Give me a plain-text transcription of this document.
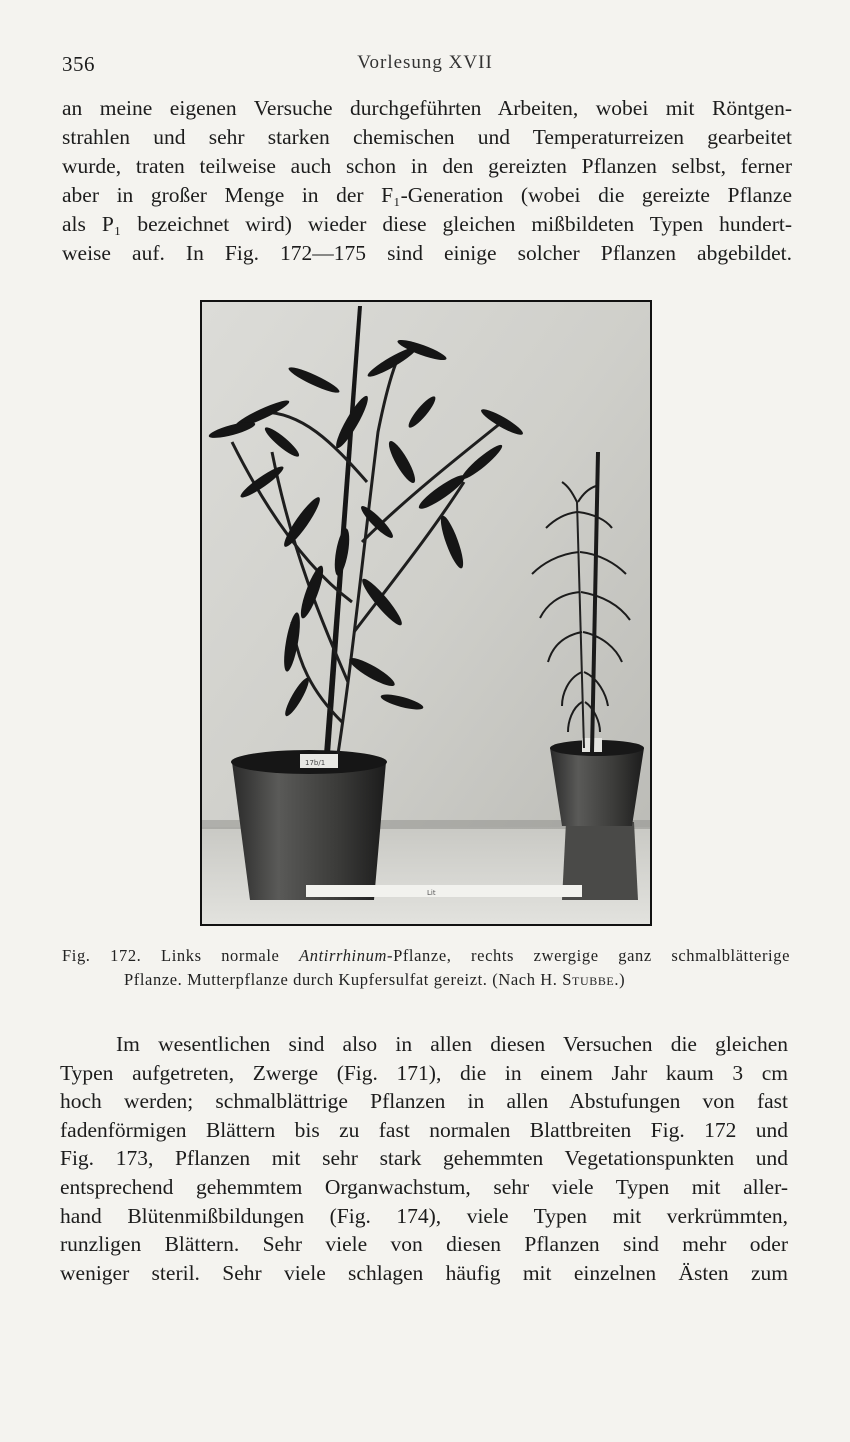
356	Vorlesung XVII
an meine eigenen Versuche durchgeführten Arbeiten, wobei mit Röntgen-
strahlen und sehr starken chemischen und Temperaturreizen gearbeitet
wurde, traten teilweise auch schon in den gereizten Pflanzen selbst, ferner
aber in großer Menge in der F₁-Generation (wobei die gereizte Pflanze
als P₁ bezeichnet wird) wieder diese gleichen mißbildeten Typen hundert-
weise auf. In Fig. 172—175 sind einige solcher Pflanzen abgebildet.
17b/1
Lit
Fig. 172. Links normale Antirrhinum-Pflanze, rechts zwergige ganz schmalblätterige
Pflanze. Mutterpflanze durch Kupfersulfat gereizt. (Nach H. Stubbe.)
Im wesentlichen sind also in allen diesen Versuchen die gleichen
Typen aufgetreten, Zwerge (Fig. 171), die in einem Jahr kaum 3 cm
hoch werden; schmalblättrige Pflanzen in allen Abstufungen von fast
fadenförmigen Blättern bis zu fast normalen Blattbreiten Fig. 172 und
Fig. 173, Pflanzen mit sehr stark gehemmten Vegetationspunkten und
entsprechend gehemmtem Organwachstum, sehr viele Typen mit aller-
hand Blütenmißbildungen (Fig. 174), viele Typen mit verkrümmten,
runzligen Blättern. Sehr viele von diesen Pflanzen sind mehr oder
weniger steril. Sehr viele schlagen häufig mit einzelnen Ästen zum
